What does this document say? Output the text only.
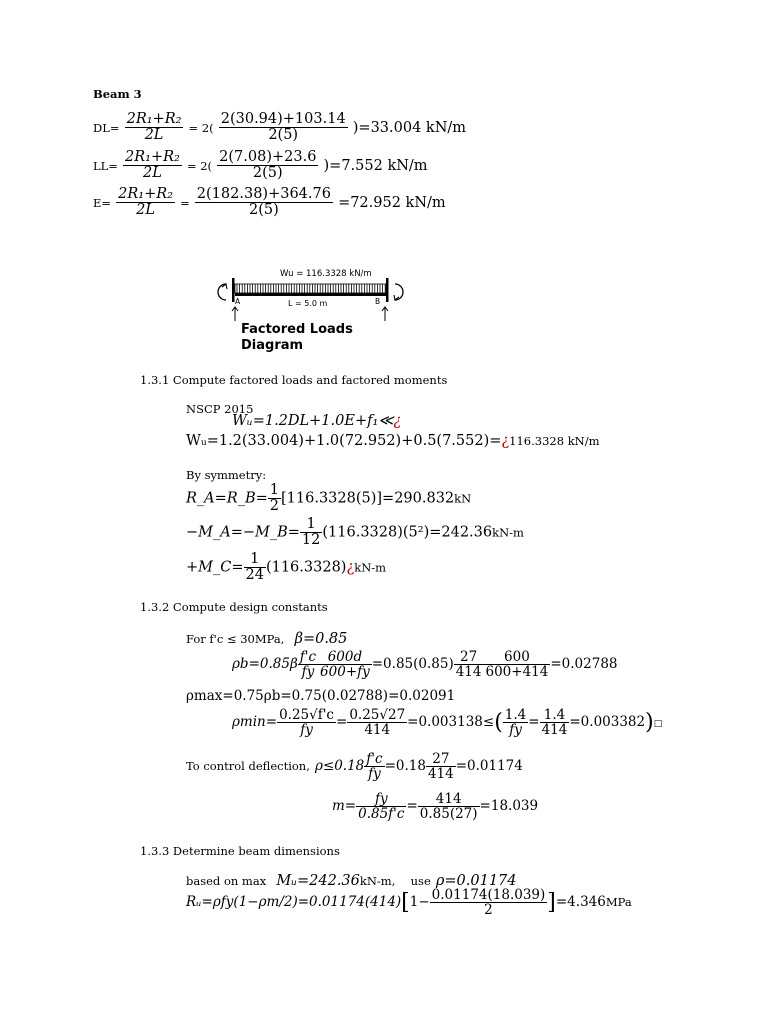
Beam 3
$DL= \frac{\text{2R₁+R₂}}{2L} = 2( \frac{2(30.94)+103.14}{2(5)} )=33.004$ kN/m
$LL= \frac{\text{2R₁+R₂}}{2L} = 2( \frac{2(7.08)+23.6}{2(5)} )=7.552$ kN/m
$E= \frac{\text{2R₁+R₂}}{2L} = \frac{2(182.38)+364.76}{2(5)} =72.952$ kN/m
Wu = 116.3328 kN/m
A	B
L = 5.0 m
Factored Loads
Diagram
1.3.1 Compute factored loads and factored moments
NSCP 2015
Wᵤ=1.2DL+1.0E+f₁≪¿
Wᵤ=1.2(33.004)+1.0(72.952)+0.5(7.552)=¿116.3328 kN/m
By symmetry:
R_A=R_B= $\frac{1}{2} [116.3328(5)]=290.832kN$
−M_A=−M_B= $\frac{1}{12} (116.3328)(5^2)=242.36kN-m$
+M_C= $\frac{1}{24}$ (116.3328)¿kN-m
1.3.2 Compute design constants
For f'c ≤ 30MPa, β=0.85
$\rho b=0.85\beta \frac{f'c}{fy} \frac{600d}{600+fy} =0.85(0.85) \frac{27}{414} \frac{600}{600+414} =0.02788$
ρmax=0.75ρb=0.75(0.02788)=0.02091
$\rho\min= \frac{0.25√f'c}{fy} = \frac{0.25√27}{414} =0.003138\le( \frac{1.4}{fy} = \frac{1.4}{414}$ =0.003382)□
To control deflection, $\rho\le 0.18 \frac{f'c}{fy} =0.18 \frac{27}{414} =0.01174$
$m= \frac{fy}{0.85f'c} = \frac{414}{0.85(27)} =18.039$
1.3.3 Determine beam dimensions
based on max Mᵤ=242.36kN-m, use ρ=0.01174
Rᵤ=ρfy(1−ρm/2)=0.01174(414)[1− $\frac{0.01174(18.039)}{2} ]=4.346MPa$
